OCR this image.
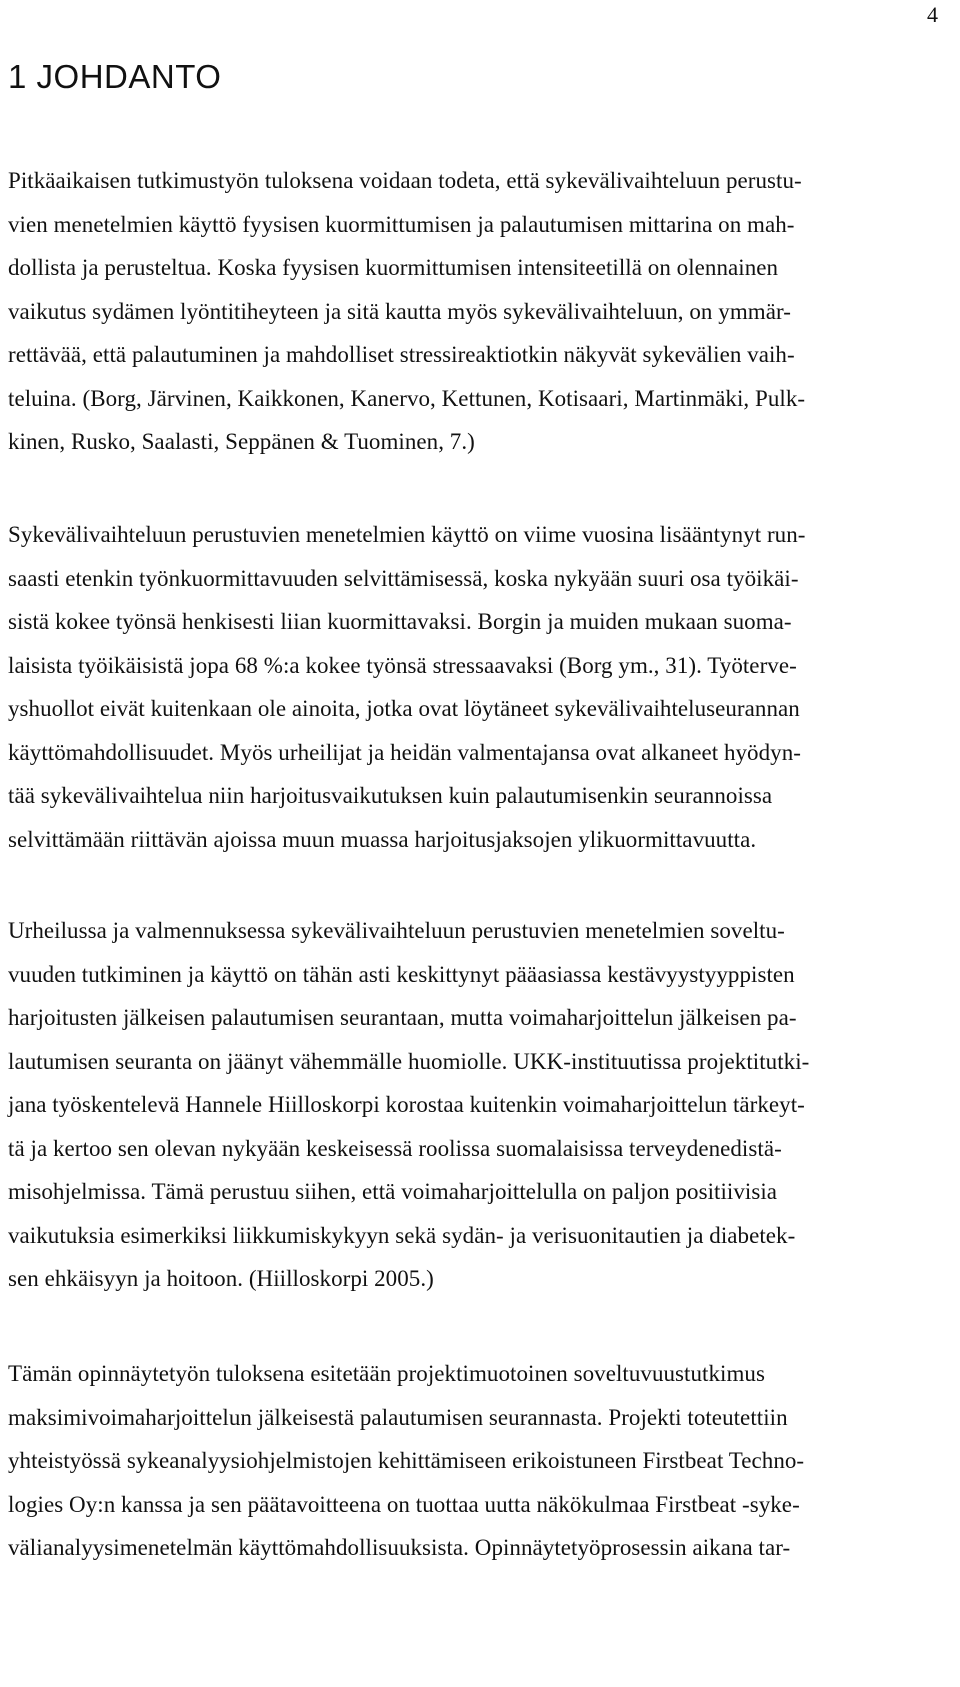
4
1 JOHDANTO
Pitkäaikaisen tutkimustyön tuloksena voidaan todeta, että sykevälivaihteluun perustu-
vien menetelmien käyttö fyysisen kuormittumisen ja palautumisen mittarina on mah-
dollista ja perusteltua. Koska fyysisen kuormittumisen intensiteetillä on olennainen
vaikutus sydämen lyöntitiheyteen ja sitä kautta myös sykevälivaihteluun, on ymmär-
rettävää, että palautuminen ja mahdolliset stressireaktiotkin näkyvät sykevälien vaih-
teluina. (Borg, Järvinen, Kaikkonen, Kanervo, Kettunen, Kotisaari, Martinmäki, Pulk-
kinen, Rusko, Saalasti, Seppänen & Tuominen, 7.)
Sykevälivaihteluun perustuvien menetelmien käyttö on viime vuosina lisääntynyt run-
saasti etenkin työnkuormittavuuden selvittämisessä, koska nykyään suuri osa työikäi-
sistä kokee työnsä henkisesti liian kuormittavaksi. Borgin ja muiden mukaan suoma-
laisista työikäisistä jopa 68 %:a kokee työnsä stressaavaksi (Borg ym., 31). Työterve-
yshuollot eivät kuitenkaan ole ainoita, jotka ovat löytäneet sykevälivaihteluseurannan
käyttömahdollisuudet. Myös urheilijat ja heidän valmentajansa ovat alkaneet hyödyn-
tää sykevälivaihtelua niin harjoitusvaikutuksen kuin palautumisenkin seurannoissa
selvittämään riittävän ajoissa muun muassa harjoitusjaksojen ylikuormittavuutta.
Urheilussa ja valmennuksessa sykevälivaihteluun perustuvien menetelmien soveltu-
vuuden tutkiminen ja käyttö on tähän asti keskittynyt pääasiassa kestävyystyyppisten
harjoitusten jälkeisen palautumisen seurantaan, mutta voimaharjoittelun jälkeisen pa-
lautumisen seuranta on jäänyt vähemmälle huomiolle. UKK-instituutissa projektitutki-
jana työskentelevä Hannele Hiilloskorpi korostaa kuitenkin voimaharjoittelun tärkeyt-
tä ja kertoo sen olevan nykyään keskeisessä roolissa suomalaisissa terveydenedistä-
misohjelmissa. Tämä perustuu siihen, että voimaharjoittelulla on paljon positiivisia
vaikutuksia esimerkiksi liikkumiskykyyn sekä sydän- ja verisuonitautien ja diabetek-
sen ehkäisyyn ja hoitoon. (Hiilloskorpi 2005.)
Tämän opinnäytetyön tuloksena esitetään projektimuotoinen soveltuvuustutkimus
maksimivoimaharjoittelun jälkeisestä palautumisen seurannasta. Projekti toteutettiin
yhteistyössä sykeanalyysiohjelmistojen kehittämiseen erikoistuneen Firstbeat Techno-
logies Oy:n kanssa ja sen päätavoitteena on tuottaa uutta näkökulmaa Firstbeat -syke-
välianalyysimenetelmän käyttömahdollisuuksista. Opinnäytetyöprosessin aikana tar-
